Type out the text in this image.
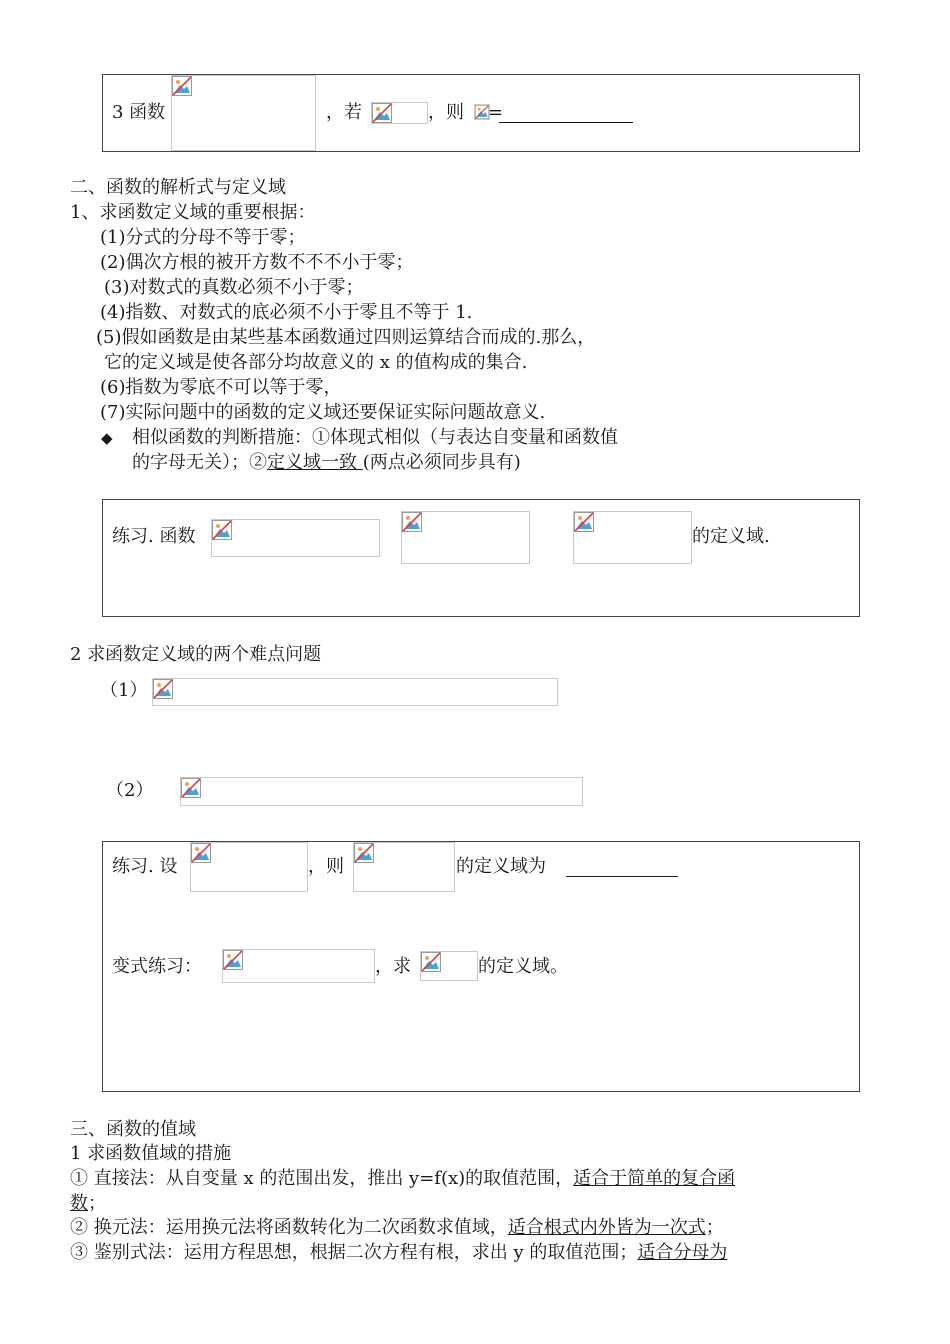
3 函数	，若	，则 =
二、函数的解析式与定义域
1、求函数定义域的重要根据：
(1)分式的分母不等于零；
(2)偶次方根的被开方数不不不小于零；
(3)对数式的真数必须不小于零；
(4)指数、对数式的底必须不小于零且不等于 1.
(5)假如函数是由某些基本函数通过四则运算结合而成的.那么，
它的定义域是使各部分均故意义的 x 的值构成的集合.
(6)指数为零底不可以等于零，
(7)实际问题中的函数的定义域还要保证实际问题故意义.
◆ 相似函数的判断措施：①体现式相似（与表达自变量和函数值
的字母无关）；②定义域一致 (两点必须同步具有)
练习. 函数	的定义域.
2 求函数定义域的两个难点问题
（1）
（2）
练习. 设	，则	的定义域为
变式练习：	，求	的定义域。
三、函数的值域
1 求函数值域的措施
① 直接法：从自变量 x 的范围出发，推出 y=f(x)的取值范围，适合于简单的复合函
数；
② 换元法：运用换元法将函数转化为二次函数求值域，适合根式内外皆为一次式；
③ 鉴别式法：运用方程思想，根据二次方程有根，求出 y 的取值范围；适合分母为
